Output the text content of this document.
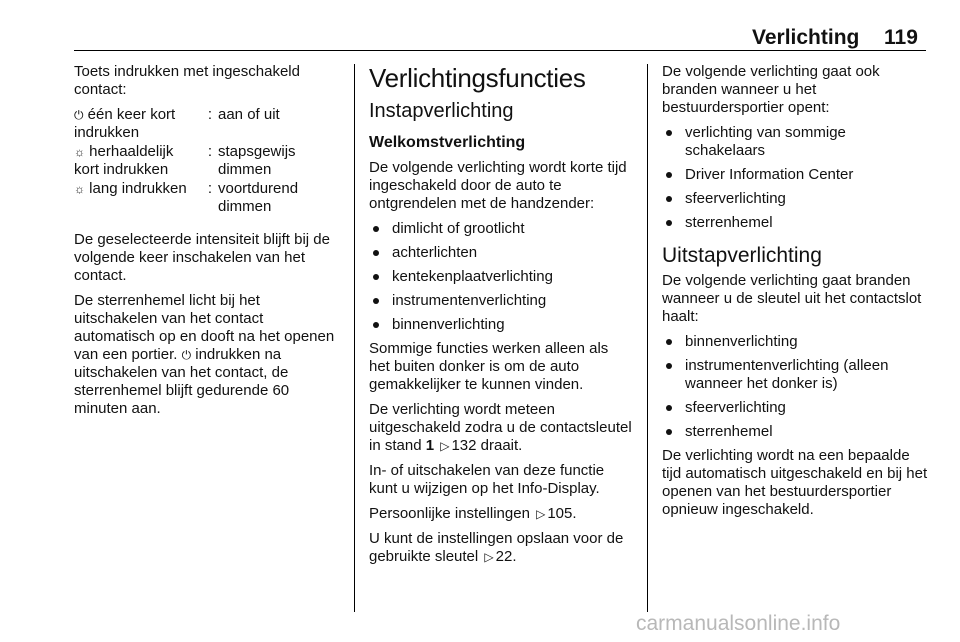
Verlichting 119

Toets indrukken met ingeschakeld contact:

⏻ één keer kort indrukken	:	aan of uit
☼ herhaaldelijk kort indrukken	:	stapsgewijs dimmen
☼ lang indrukken	:	voortdurend dimmen

De geselecteerde intensiteit blijft bij de volgende keer inschakelen van het contact.

De sterrenhemel licht bij het uitschakelen van het contact automatisch op en dooft na het openen van een portier. ⏻ indrukken na uitschakelen van het contact, de sterrenhemel blijft gedurende 60 minuten aan.

Verlichtingsfuncties
Instapverlichting
Welkomstverlichting

De volgende verlichting wordt korte tijd ingeschakeld door de auto te ontgrendelen met de handzender:

dimlicht of grootlicht
achterlichten
kentekenplaatverlichting
instrumentenverlichting
binnenverlichting

Sommige functies werken alleen als het buiten donker is om de auto gemakkelijker te kunnen vinden.

De verlichting wordt meteen uitgeschakeld zodra u de contactsleutel in stand 1 ▷ 132 draait.

In- of uitschakelen van deze functie kunt u wijzigen op het Info-Display.

Persoonlijke instellingen ▷ 105.

U kunt de instellingen opslaan voor de gebruikte sleutel ▷ 22.

De volgende verlichting gaat ook branden wanneer u het bestuurdersportier opent:

verlichting van sommige schakelaars
Driver Information Center
sfeerverlichting
sterrenhemel
Uitstapverlichting

De volgende verlichting gaat branden wanneer u de sleutel uit het contactslot haalt:

binnenverlichting
instrumentenverlichting (alleen wanneer het donker is)
sfeerverlichting
sterrenhemel

De verlichting wordt na een bepaalde tijd automatisch uitgeschakeld en bij het openen van het bestuurdersportier opnieuw ingeschakeld.

carmanualsonline.info
